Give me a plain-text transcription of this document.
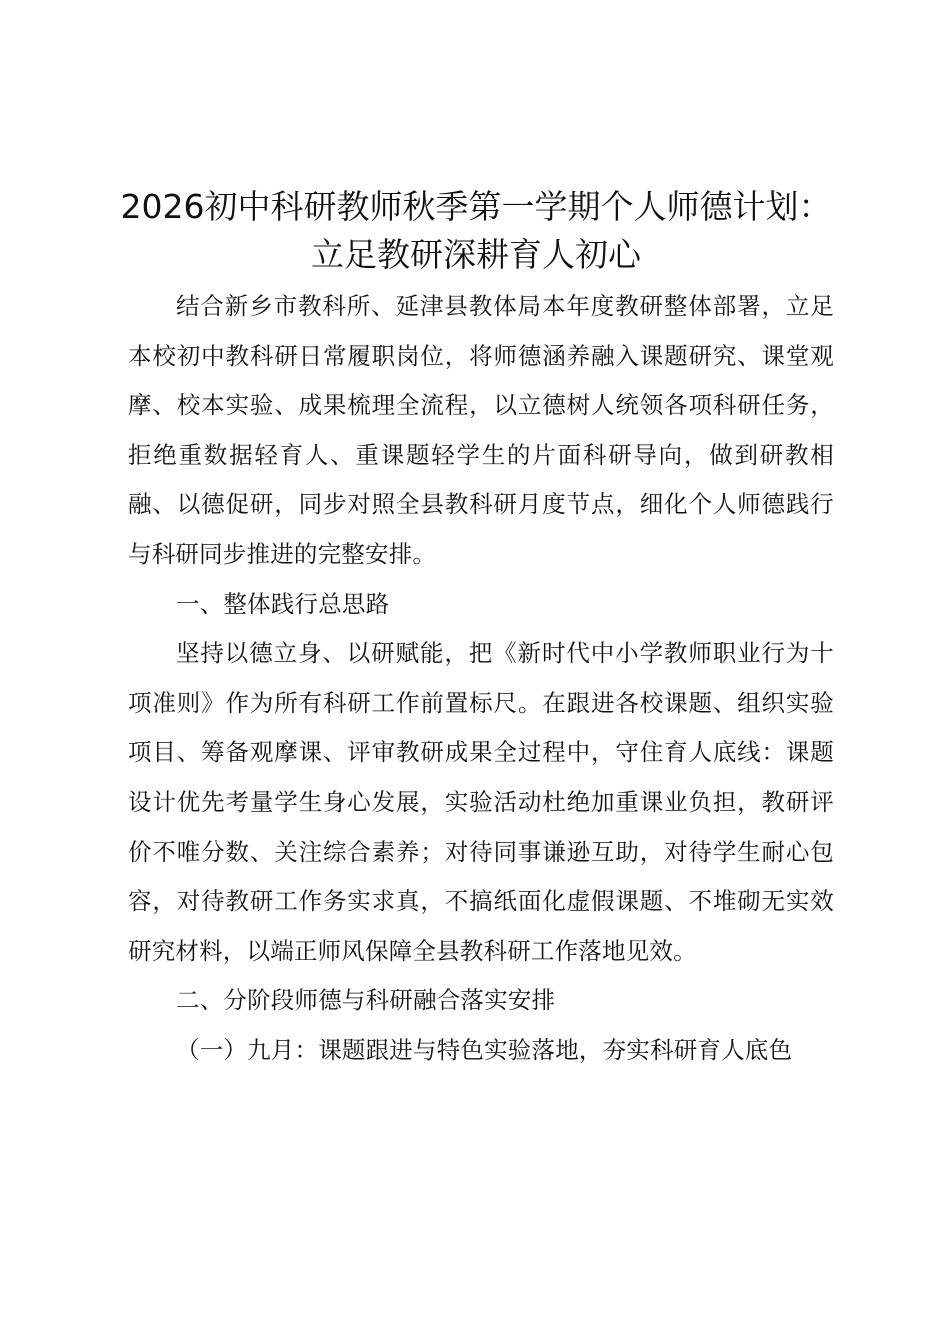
2026初中科研教师秋季第一学期个人师德计划：立足教研深耕育人初心

结合新乡市教科所、延津县教体局本年度教研整体部署，立足本校初中教科研日常履职岗位，将师德涵养融入课题研究、课堂观摩、校本实验、成果梳理全流程，以立德树人统领各项科研任务，拒绝重数据轻育人、重课题轻学生的片面科研导向，做到研教相融、以德促研，同步对照全县教科研月度节点，细化个人师德践行与科研同步推进的完整安排。

一、整体践行总思路

坚持以德立身、以研赋能，把《新时代中小学教师职业行为十项准则》作为所有科研工作前置标尺。在跟进各校课题、组织实验项目、筹备观摩课、评审教研成果全过程中，守住育人底线：课题设计优先考量学生身心发展，实验活动杜绝加重课业负担，教研评价不唯分数、关注综合素养；对待同事谦逊互助，对待学生耐心包容，对待教研工作务实求真，不搞纸面化虚假课题、不堆砌无实效研究材料，以端正师风保障全县教科研工作落地见效。

二、分阶段师德与科研融合落实安排

（一）九月：课题跟进与特色实验落地，夯实科研育人底色
